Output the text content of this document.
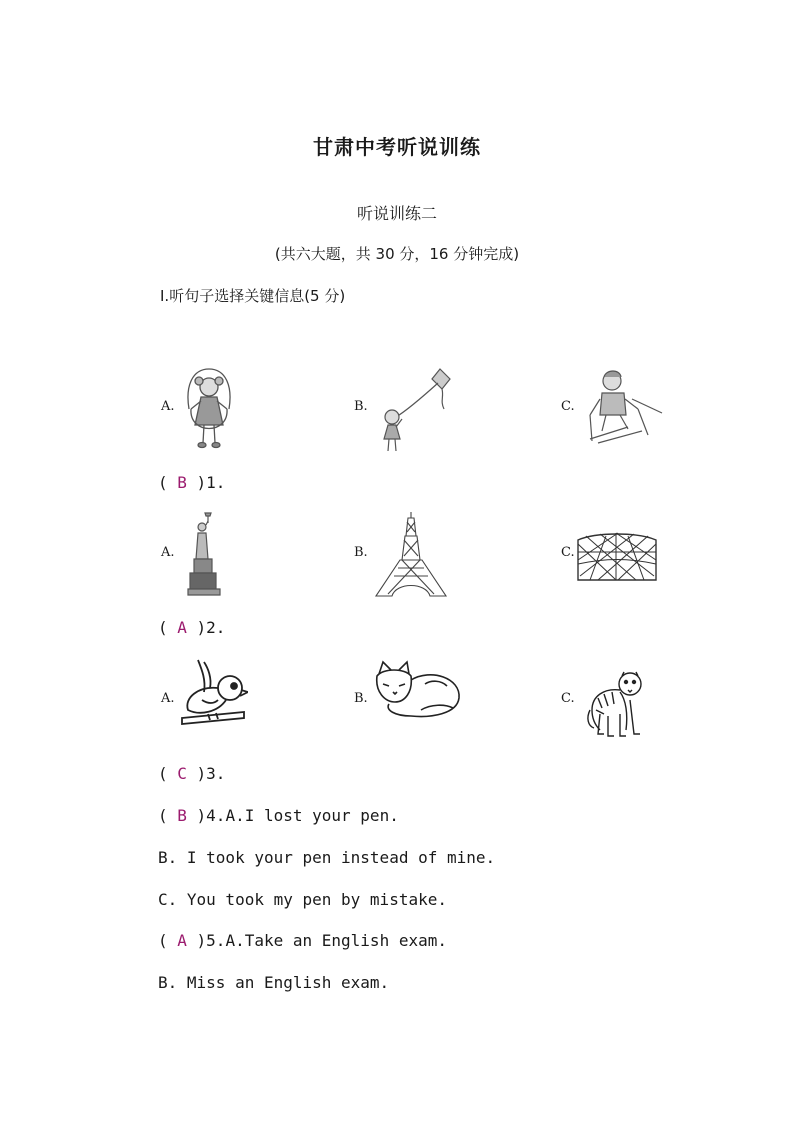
甘肃中考听说训练
听说训练二
(共六大题，共 30 分，16 分钟完成)
Ⅰ.听句子选择关键信息(5 分)
A.	B.	C.
( B )1.
A.	B.	C.
( A )2.
A.	B.	C.
( C )3.
( B )4.A.I lost your pen.
B. I took your pen instead of mine.
C. You took my pen by mistake.
( A )5.A.Take an English exam.
B. Miss an English exam.
